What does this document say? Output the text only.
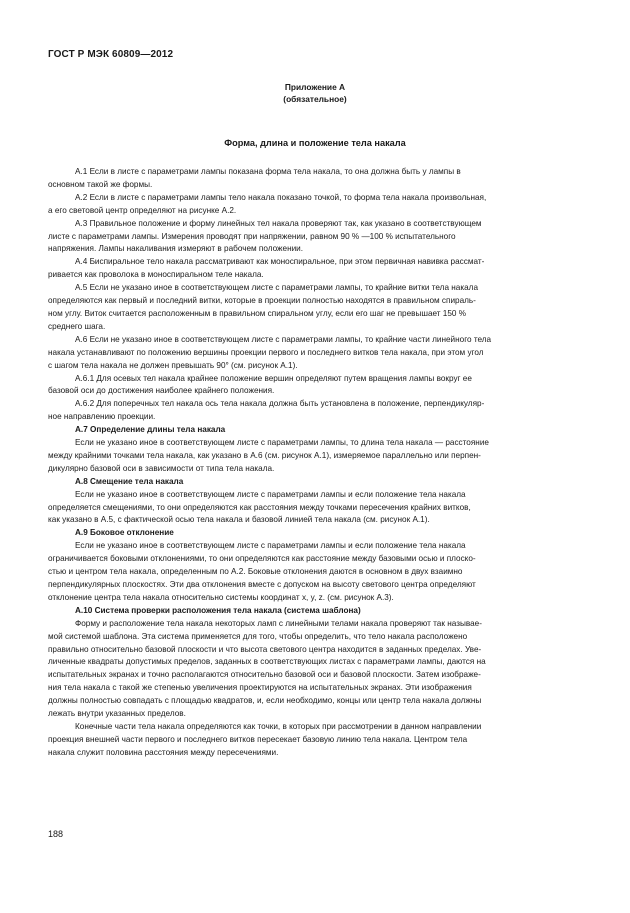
ГОСТ Р МЭК 60809—2012
Приложение А
(обязательное)
Форма, длина и положение тела накала

А.1 Если в листе с параметрами лампы показана форма тела накала, то она должна быть у лампы в
основном такой же формы.

А.2 Если в листе с параметрами лампы тело накала показано точкой, то форма тела накала произвольная,
а его световой центр определяют на рисунке А.2.

А.3 Правильное положение и форму линейных тел накала проверяют так, как указано в соответствующем
листе с параметрами лампы. Измерения проводят при напряжении, равном 90 % —100 % испытательного
напряжения. Лампы накаливания измеряют в рабочем положении.

А.4 Биспиральное тело накала рассматривают как моноспиральное, при этом первичная навивка рассмат-
ривается как проволока в моноспиральном теле накала.

А.5 Если не указано иное в соответствующем листе с параметрами лампы, то крайние витки тела накала
определяются как первый и последний витки, которые в проекции полностью находятся в правильном спираль-
ном углу. Виток считается расположенным в правильном спиральном углу, если его шаг не превышает 150 %
среднего шага.

А.6 Если не указано иное в соответствующем листе с параметрами лампы, то крайние части линейного тела
накала устанавливают по положению вершины проекции первого и последнего витков тела накала, при этом угол
с шагом тела накала не должен превышать 90° (см. рисунок А.1).

А.6.1 Для осевых тел накала крайнее положение вершин определяют путем вращения лампы вокруг ее
базовой оси до достижения наиболее крайнего положения.

А.6.2 Для поперечных тел накала ось тела накала должна быть установлена в положение, перпендикуляр-
ное направлению проекции.

А.7 Определение длины тела накала

Если не указано иное в соответствующем листе с параметрами лампы, то длина тела накала — расстояние
между крайними точками тела накала, как указано в А.6 (см. рисунок А.1), измеряемое параллельно или перпен-
дикулярно базовой оси в зависимости от типа тела накала.

А.8 Смещение тела накала

Если не указано иное в соответствующем листе с параметрами лампы и если положение тела накала
определяется смещениями, то они определяются как расстояния между точками пересечения крайних витков,
как указано в А.5, с фактической осью тела накала и базовой линией тела накала (см. рисунок А.1).

А.9 Боковое отклонение

Если не указано иное в соответствующем листе с параметрами лампы и если положение тела накала
ограничивается боковыми отклонениями, то они определяются как расстояние между базовыми осью и плоско-
стью и центром тела накала, определенным по А.2. Боковые отклонения даются в основном в двух взаимно
перпендикулярных плоскостях. Эти два отклонения вместе с допуском на высоту светового центра определяют
отклонение центра тела накала относительно системы координат x, y, z. (см. рисунок А.3).

А.10 Система проверки расположения тела накала (система шаблона)

Форму и расположение тела накала некоторых ламп с линейными телами накала проверяют так называе-
мой системой шаблона. Эта система применяется для того, чтобы определить, что тело накала расположено
правильно относительно базовой плоскости и что высота светового центра находится в заданных пределах. Уве-
личенные квадраты допустимых пределов, заданных в соответствующих листах с параметрами лампы, даются на
испытательных экранах и точно располагаются относительно базовой оси и базовой плоскости. Затем изображе-
ния тела накала с такой же степенью увеличения проектируются на испытательных экранах. Эти изображения
должны полностью совпадать с площадью квадратов, и, если необходимо, концы или центр тела накала должны
лежать внутри указанных пределов.

Конечные части тела накала определяются как точки, в которых при рассмотрении в данном направлении
проекция внешней части первого и последнего витков пересекает базовую линию тела накала. Центром тела
накала служит половина расстояния между пересечениями.

188
